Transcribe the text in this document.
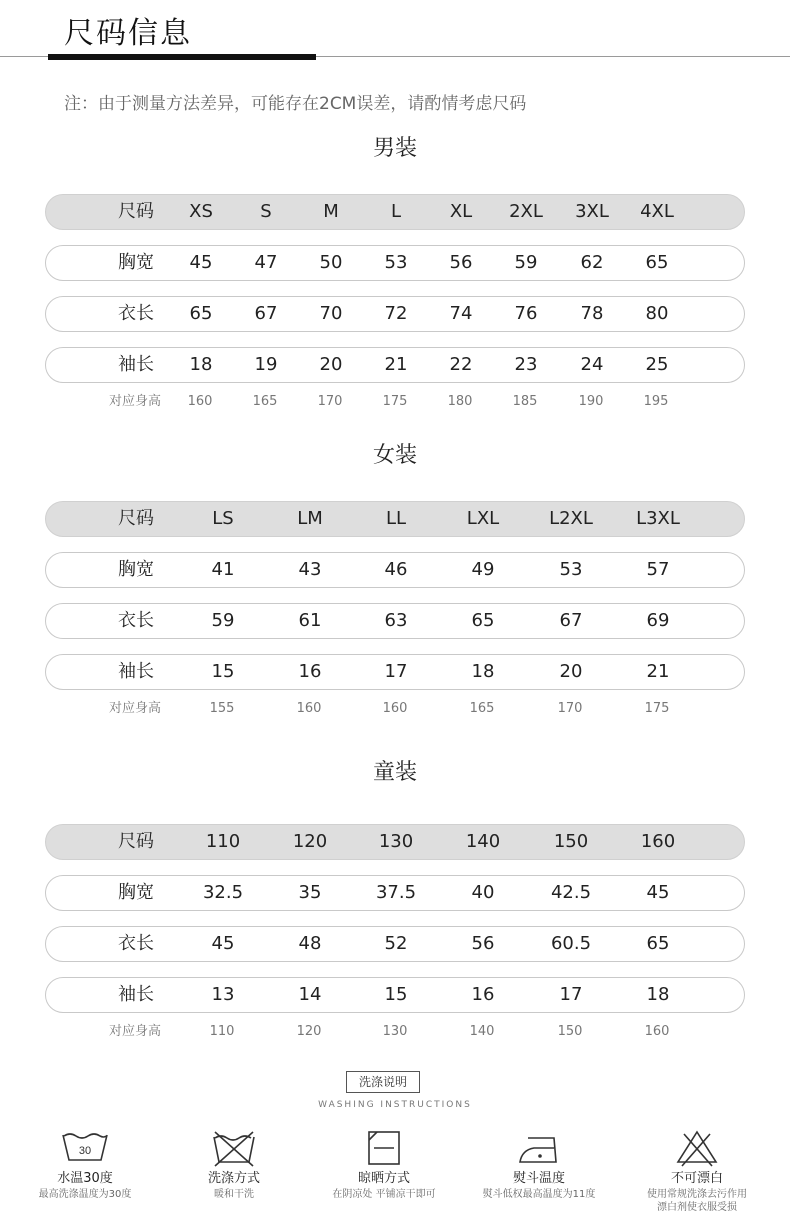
尺码信息
注：由于测量方法差异，可能存在2CM误差，请酌情考虑尺码
男装
女装
童装
尺码	XS	S	M	L	XL	2XL	3XL	4XL
胸宽	45	47	50	53	56	59	62	65
衣长	65	67	70	72	74	76	78	80
袖长	18	19	20	21	22	23	24	25
对应身高	160	165	170	175	180	185	190	195
尺码	LS	LM	LL	LXL	L2XL	L3XL
胸宽	41	43	46	49	53	57
衣长	59	61	63	65	67	69
袖长	15	16	17	18	20	21
对应身高	155	160	160	165	170	175
尺码	110	120	130	140	150	160
胸宽	32.5	35	37.5	40	42.5	45
衣长	45	48	52	56	60.5	65
袖长	13	14	15	16	17	18
对应身高	110	120	130	140	150	160
洗涤说明
WASHING INSTRUCTIONS
30
水温30度
最高洗涤温度为30度
洗涤方式
暖和干洗
晾晒方式
在阴凉处 平铺凉干即可
熨斗温度
熨斗低权最高温度为11度
不可漂白
使用常规洗涤去污作用
漂白剂使衣服受损
